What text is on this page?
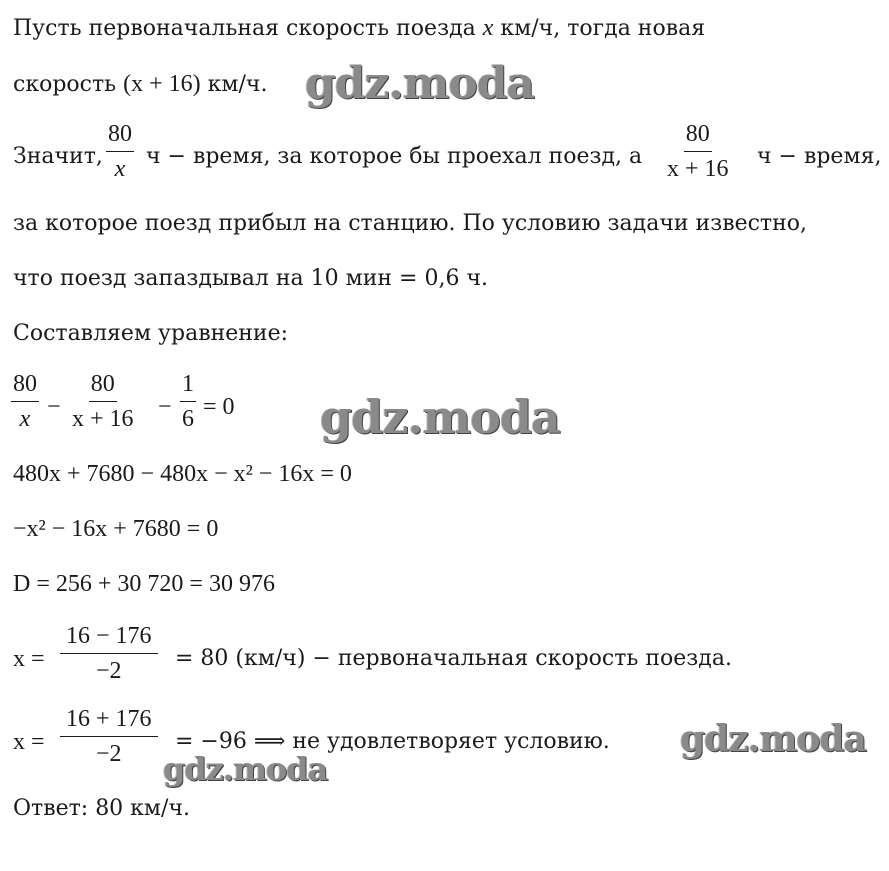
Пусть первоначальная скорость поезда x км/ч, тогда новая
скорость (x + 16) км/ч. gdz.moda
Значит, $\frac{80}{x}$ ч − время, за которое бы проехал поезд, а $\frac{80}{x + 16}$ ч − время,
за которое поезд прибыл на станцию. По условию задачи известно,
что поезд запаздывал на 10 мин = 0,6 ч.
Составляем уравнение:
$\frac{80}{x} - \frac{80}{x + 16} - \frac{1}{6} = 0$ gdz.moda
480x + 7680 − 480x − x² − 16x = 0
−x² − 16x + 7680 = 0
D = 256 + 30 720 = 30 976
$x = \frac{16 - 176}{-2} = 80$ (км/ч) − первоначальная скорость поезда.
$x = \frac{16 + 176}{-2} = -96$ ⟹ не удовлетворяет условию. gdz.moda
gdz.moda
Ответ: 80 км/ч.
